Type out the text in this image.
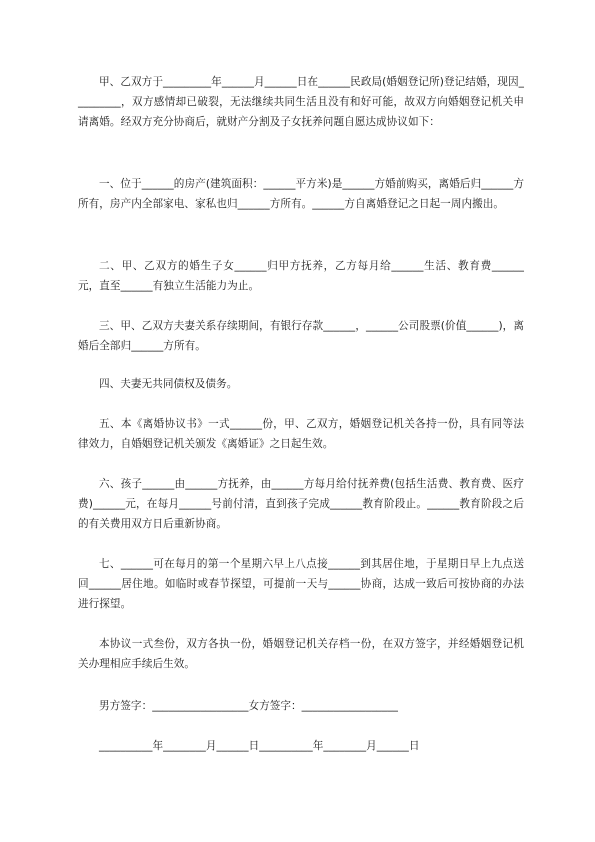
甲、乙双方于_________年______月______日在______民政局(婚姻登记所)登记结婚，现因_________，双方感情却已破裂，无法继续共同生活且没有和好可能，故双方向婚姻登记机关申请离婚。经双方充分协商后，就财产分割及子女抚养问题自愿达成协议如下：

一、位于______的房产(建筑面积：______平方米)是______方婚前购买，离婚后归______方所有，房产内全部家电、家私也归______方所有。______方自离婚登记之日起一周内搬出。

二、甲、乙双方的婚生子女______归甲方抚养，乙方每月给______生活、教育费______元，直至______有独立生活能力为止。

三、甲、乙双方夫妻关系存续期间，有银行存款______，______公司股票(价值______)，离婚后全部归______方所有。

四、夫妻无共同债权及债务。

五、本《离婚协议书》一式______份，甲、乙双方，婚姻登记机关各持一份，具有同等法律效力，自婚姻登记机关颁发《离婚证》之日起生效。

六、孩子______由______方抚养，由______方每月给付抚养费(包括生活费、教育费、医疗费)______元，在每月______号前付清，直到孩子完成______教育阶段止。______教育阶段之后的有关费用双方日后重新协商。

七、______可在每月的第一个星期六早上八点接______到其居住地，于星期日早上九点送回______居住地。如临时或春节探望，可提前一天与______协商，达成一致后可按协商的办法进行探望。

本协议一式叁份，双方各执一份，婚姻登记机关存档一份，在双方签字，并经婚姻登记机关办理相应手续后生效。

男方签字：__________________女方签字：__________________

__________年________月______日__________年________月______日
